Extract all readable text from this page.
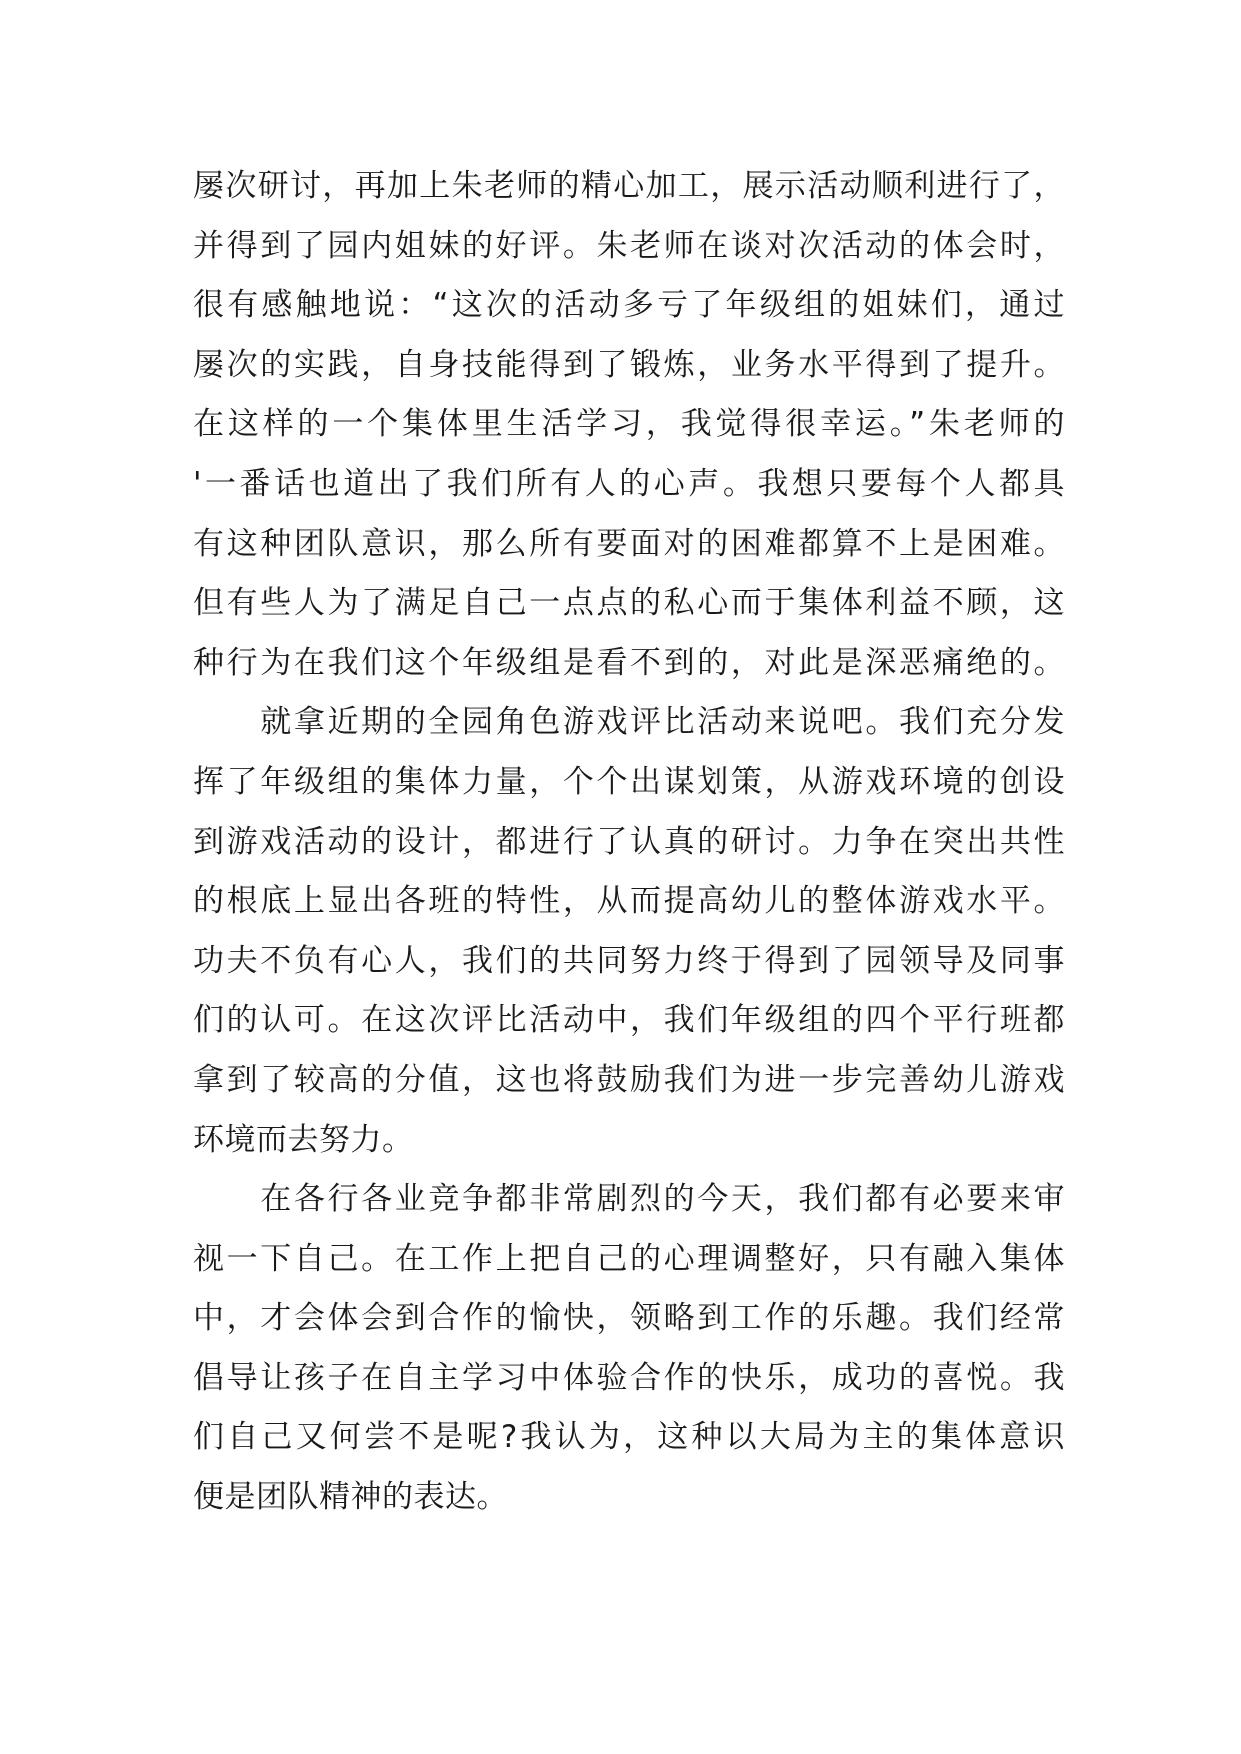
屡次研讨，再加上朱老师的精心加工，展示活动顺利进行了，
并得到了园内姐妹的好评。朱老师在谈对次活动的体会时，
很有感触地说：“这次的活动多亏了年级组的姐妹们，通过
屡次的实践，自身技能得到了锻炼，业务水平得到了提升。
在这样的一个集体里生活学习，我觉得很幸运。”朱老师的
'一番话也道出了我们所有人的心声。我想只要每个人都具
有这种团队意识，那么所有要面对的困难都算不上是困难。
但有些人为了满足自己一点点的私心而于集体利益不顾，这
种行为在我们这个年级组是看不到的，对此是深恶痛绝的。
　　就拿近期的全园角色游戏评比活动来说吧。我们充分发
挥了年级组的集体力量，个个出谋划策，从游戏环境的创设
到游戏活动的设计，都进行了认真的研讨。力争在突出共性
的根底上显出各班的特性，从而提高幼儿的整体游戏水平。
功夫不负有心人，我们的共同努力终于得到了园领导及同事
们的认可。在这次评比活动中，我们年级组的四个平行班都
拿到了较高的分值，这也将鼓励我们为进一步完善幼儿游戏
环境而去努力。
　　在各行各业竞争都非常剧烈的今天，我们都有必要来审
视一下自己。在工作上把自己的心理调整好，只有融入集体
中，才会体会到合作的愉快，领略到工作的乐趣。我们经常
倡导让孩子在自主学习中体验合作的快乐，成功的喜悦。我
们自己又何尝不是呢?我认为，这种以大局为主的集体意识
便是团队精神的表达。
